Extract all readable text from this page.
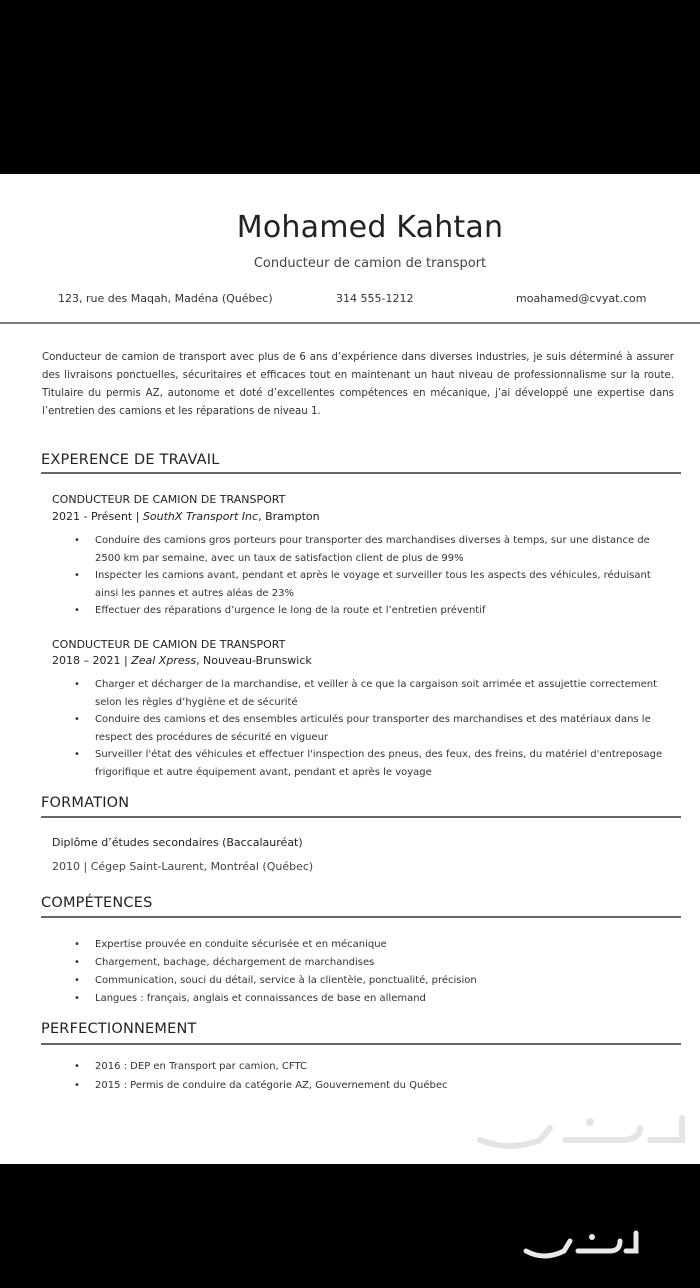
Mohamed Kahtan
Conducteur de camion de transport
123, rue des Maqah, Madéna (Québec)	314 555-1212	moahamed@cvyat.com
Conducteur de camion de transport avec plus de 6 ans d’expérience dans diverses industries, je suis déterminé à assurer des livraisons ponctuelles, sécuritaires et efficaces tout en maintenant un haut niveau de professionnalisme sur la route. Titulaire du permis AZ, autonome et doté d’excellentes compétences en mécanique, j’ai développé une expertise dans l’entretien des camions et les réparations de niveau 1.
EXPERENCE DE TRAVAIL
CONDUCTEUR DE CAMION DE TRANSPORT
2021 - Présent | SouthX Transport Inc, Brampton
• Conduire des camions gros porteurs pour transporter des marchandises diverses à temps, sur une distance de 2500 km par semaine, avec un taux de satisfaction client de plus de 99%
• Inspecter les camions avant, pendant et après le voyage et surveiller tous les aspects des véhicules, réduisant ainsi les pannes et autres aléas de 23%
• Effectuer des réparations d’urgence le long de la route et l’entretien préventif
CONDUCTEUR DE CAMION DE TRANSPORT
2018 – 2021 | Zeal Xpress, Nouveau-Brunswick
• Charger et décharger de la marchandise, et veiller à ce que la cargaison soit arrimée et assujettie correctement selon les règles d’hygiène et de sécurité
• Conduire des camions et des ensembles articulés pour transporter des marchandises et des matériaux dans le respect des procédures de sécurité en vigueur
• Surveiller l'état des véhicules et effectuer l'inspection des pneus, des feux, des freins, du matériel d'entreposage frigorifique et autre équipement avant, pendant et après le voyage
FORMATION
Diplôme d’études secondaires (Baccalauréat)
2010 | Cégep Saint-Laurent, Montréal (Québec)
COMPÉTENCES
• Expertise prouvée en conduite sécurisée et en mécanique
• Chargement, bachage, déchargement de marchandises
• Communication, souci du détail, service à la clientèle, ponctualité, précision
• Langues : français, anglais et connaissances de base en allemand
PERFECTIONNEMENT
• 2016 : DEP en Transport par camion, CFTC
• 2015 : Permis de conduire da catégorie AZ, Gouvernement du Québec
